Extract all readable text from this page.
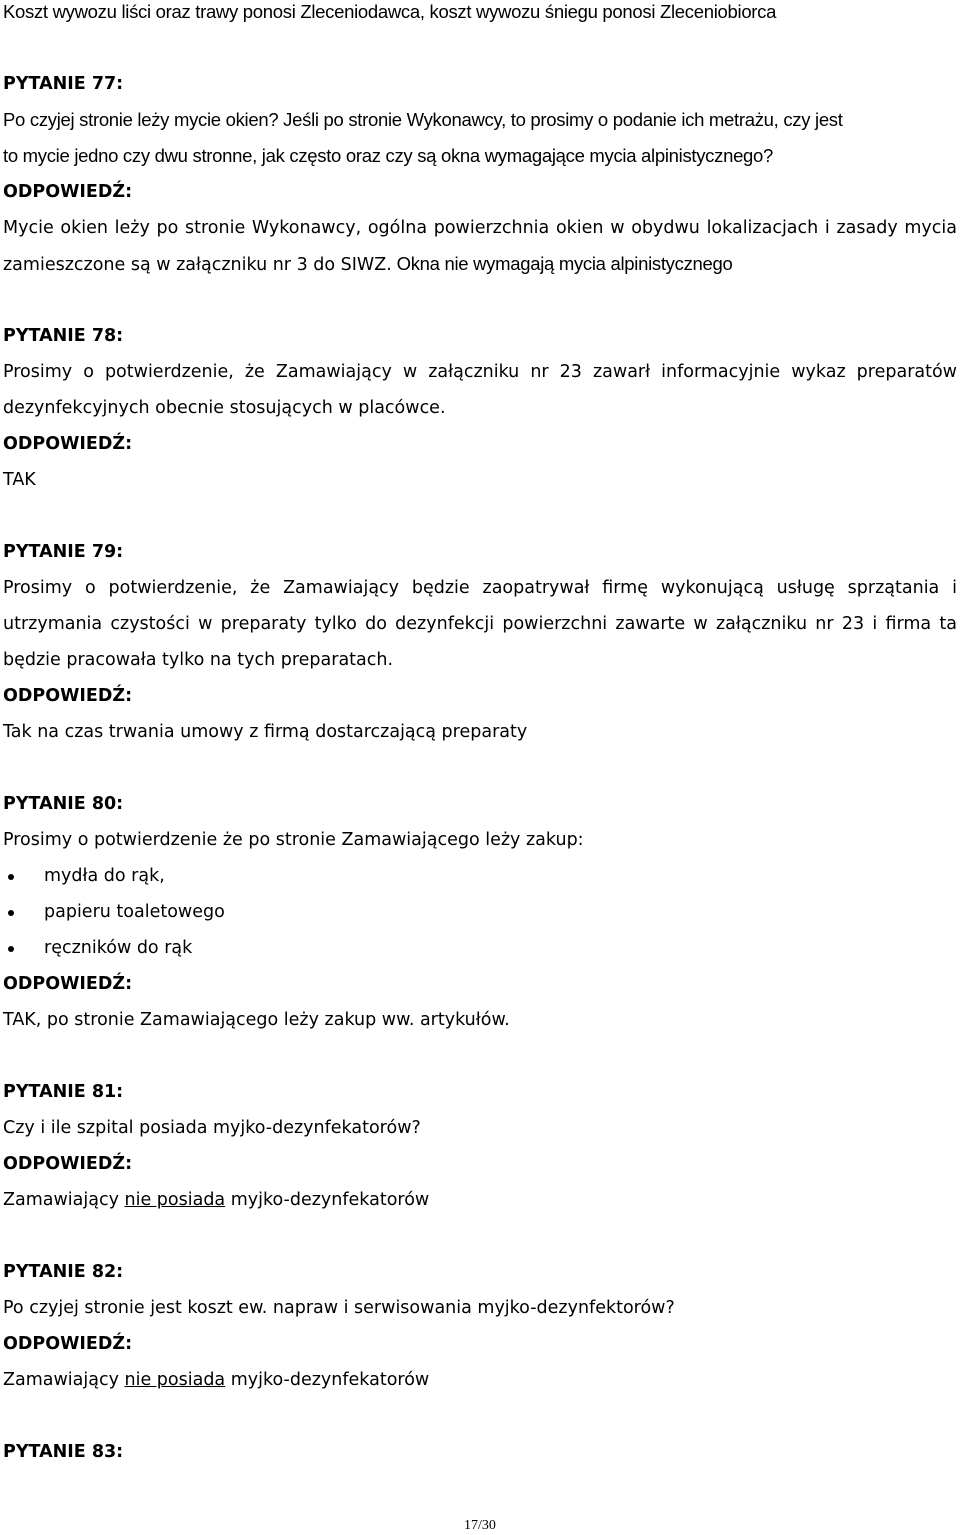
Koszt wywozu liści oraz trawy ponosi Zleceniodawca, koszt wywozu śniegu ponosi Zleceniobiorca
PYTANIE 77:
Po czyjej stronie leży mycie okien? Jeśli po stronie Wykonawcy, to prosimy o podanie ich metrażu, czy jest
to mycie jedno czy dwu stronne, jak często oraz czy są okna wymagające mycia alpinistycznego?
ODPOWIEDŹ:
Mycie okien leży po stronie Wykonawcy, ogólna powierzchnia okien w obydwu lokalizacjach i zasady mycia
zamieszczone są w załączniku nr 3 do SIWZ. Okna nie wymagają mycia alpinistycznego
PYTANIE 78:
Prosimy o potwierdzenie, że Zamawiający w załączniku nr 23 zawarł informacyjnie wykaz preparatów
dezynfekcyjnych obecnie stosujących w placówce.
ODPOWIEDŹ:
TAK
PYTANIE 79:
Prosimy o potwierdzenie, że Zamawiający będzie zaopatrywał firmę wykonującą usługę sprzątania i
utrzymania czystości w preparaty tylko do dezynfekcji powierzchni zawarte w załączniku nr 23 i firma ta
będzie pracowała tylko na tych preparatach.
ODPOWIEDŹ:
Tak na czas trwania umowy z firmą dostarczającą preparaty
PYTANIE 80:
Prosimy o potwierdzenie że po stronie Zamawiającego leży zakup:
mydła do rąk,
papieru toaletowego
ręczników do rąk
ODPOWIEDŹ:
TAK, po stronie Zamawiającego leży zakup ww. artykułów.
PYTANIE 81:
Czy i ile szpital posiada myjko-dezynfekatorów?
ODPOWIEDŹ:
Zamawiający nie posiada myjko-dezynfekatorów
PYTANIE 82:
Po czyjej stronie jest koszt ew. napraw i serwisowania myjko-dezynfektorów?
ODPOWIEDŹ:
Zamawiający nie posiada myjko-dezynfekatorów
PYTANIE 83:
17/30
